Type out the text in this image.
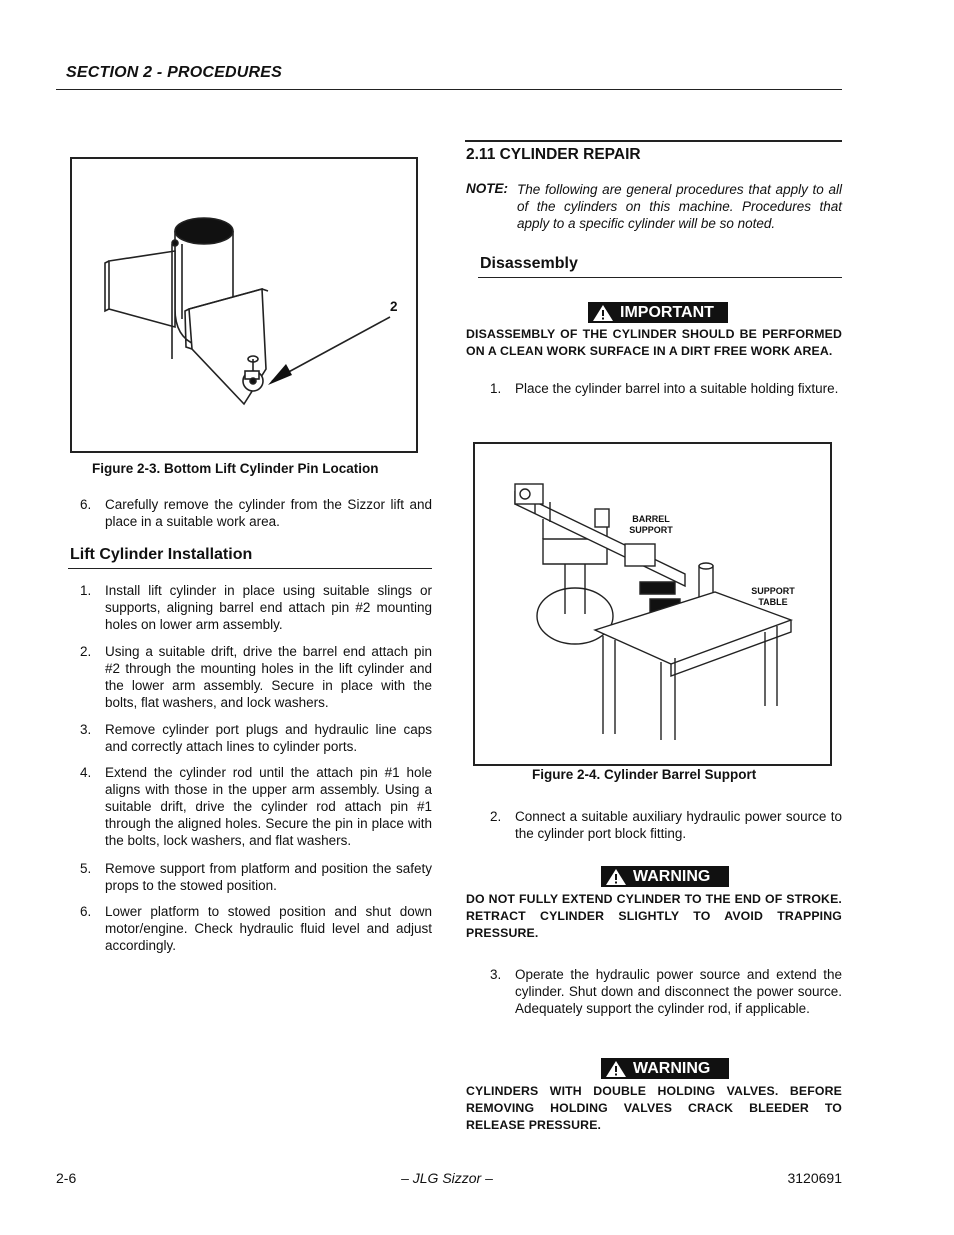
SECTION 2 - PROCEDURES
2
Figure 2-3. Bottom Lift Cylinder Pin Location
6.	Carefully remove the cylinder from the Sizzor lift and place in a suitable work area.
Lift Cylinder Installation
1.	Install lift cylinder in place using suitable slings or supports, aligning barrel end attach pin #2 mounting holes on lower arm assembly.
2.	Using a suitable drift, drive the barrel end attach pin #2 through the mounting holes in the lift cylinder and the lower arm assembly. Secure in place with the bolts, flat washers, and lock washers.
3.	Remove cylinder port plugs and hydraulic line caps and correctly attach lines to cylinder ports.
4.	Extend the cylinder rod until the attach pin #1 hole aligns with those in the upper arm assembly. Using a suitable drift, drive the cylinder rod attach pin #1 through the aligned holes. Secure the pin in place with the bolts, lock washers, and flat washers.
5.	Remove support from platform and position the safety props to the stowed position.
6.	Lower platform to stowed position and shut down motor/engine. Check hydraulic fluid level and adjust accordingly.
2.11 CYLINDER REPAIR
NOTE: The following are general procedures that apply to all of the cylinders on this machine. Procedures that apply to a specific cylinder will be so noted.
Disassembly
IMPORTANT
DISASSEMBLY OF THE CYLINDER SHOULD BE PERFORMED ON A CLEAN WORK SURFACE IN A DIRT FREE WORK AREA.
1.	Place the cylinder barrel into a suitable holding fixture.
BARREL SUPPORT
SUPPORT TABLE
Figure 2-4. Cylinder Barrel Support
2.	Connect a suitable auxiliary hydraulic power source to the cylinder port block fitting.
WARNING
DO NOT FULLY EXTEND CYLINDER TO THE END OF STROKE. RETRACT CYLINDER SLIGHTLY TO AVOID TRAPPING PRESSURE.
3.	Operate the hydraulic power source and extend the cylinder. Shut down and disconnect the power source. Adequately support the cylinder rod, if applicable.
WARNING
CYLINDERS WITH DOUBLE HOLDING VALVES. BEFORE REMOVING HOLDING VALVES CRACK BLEEDER TO RELEASE PRESSURE.
2-6	– JLG Sizzor –	3120691
